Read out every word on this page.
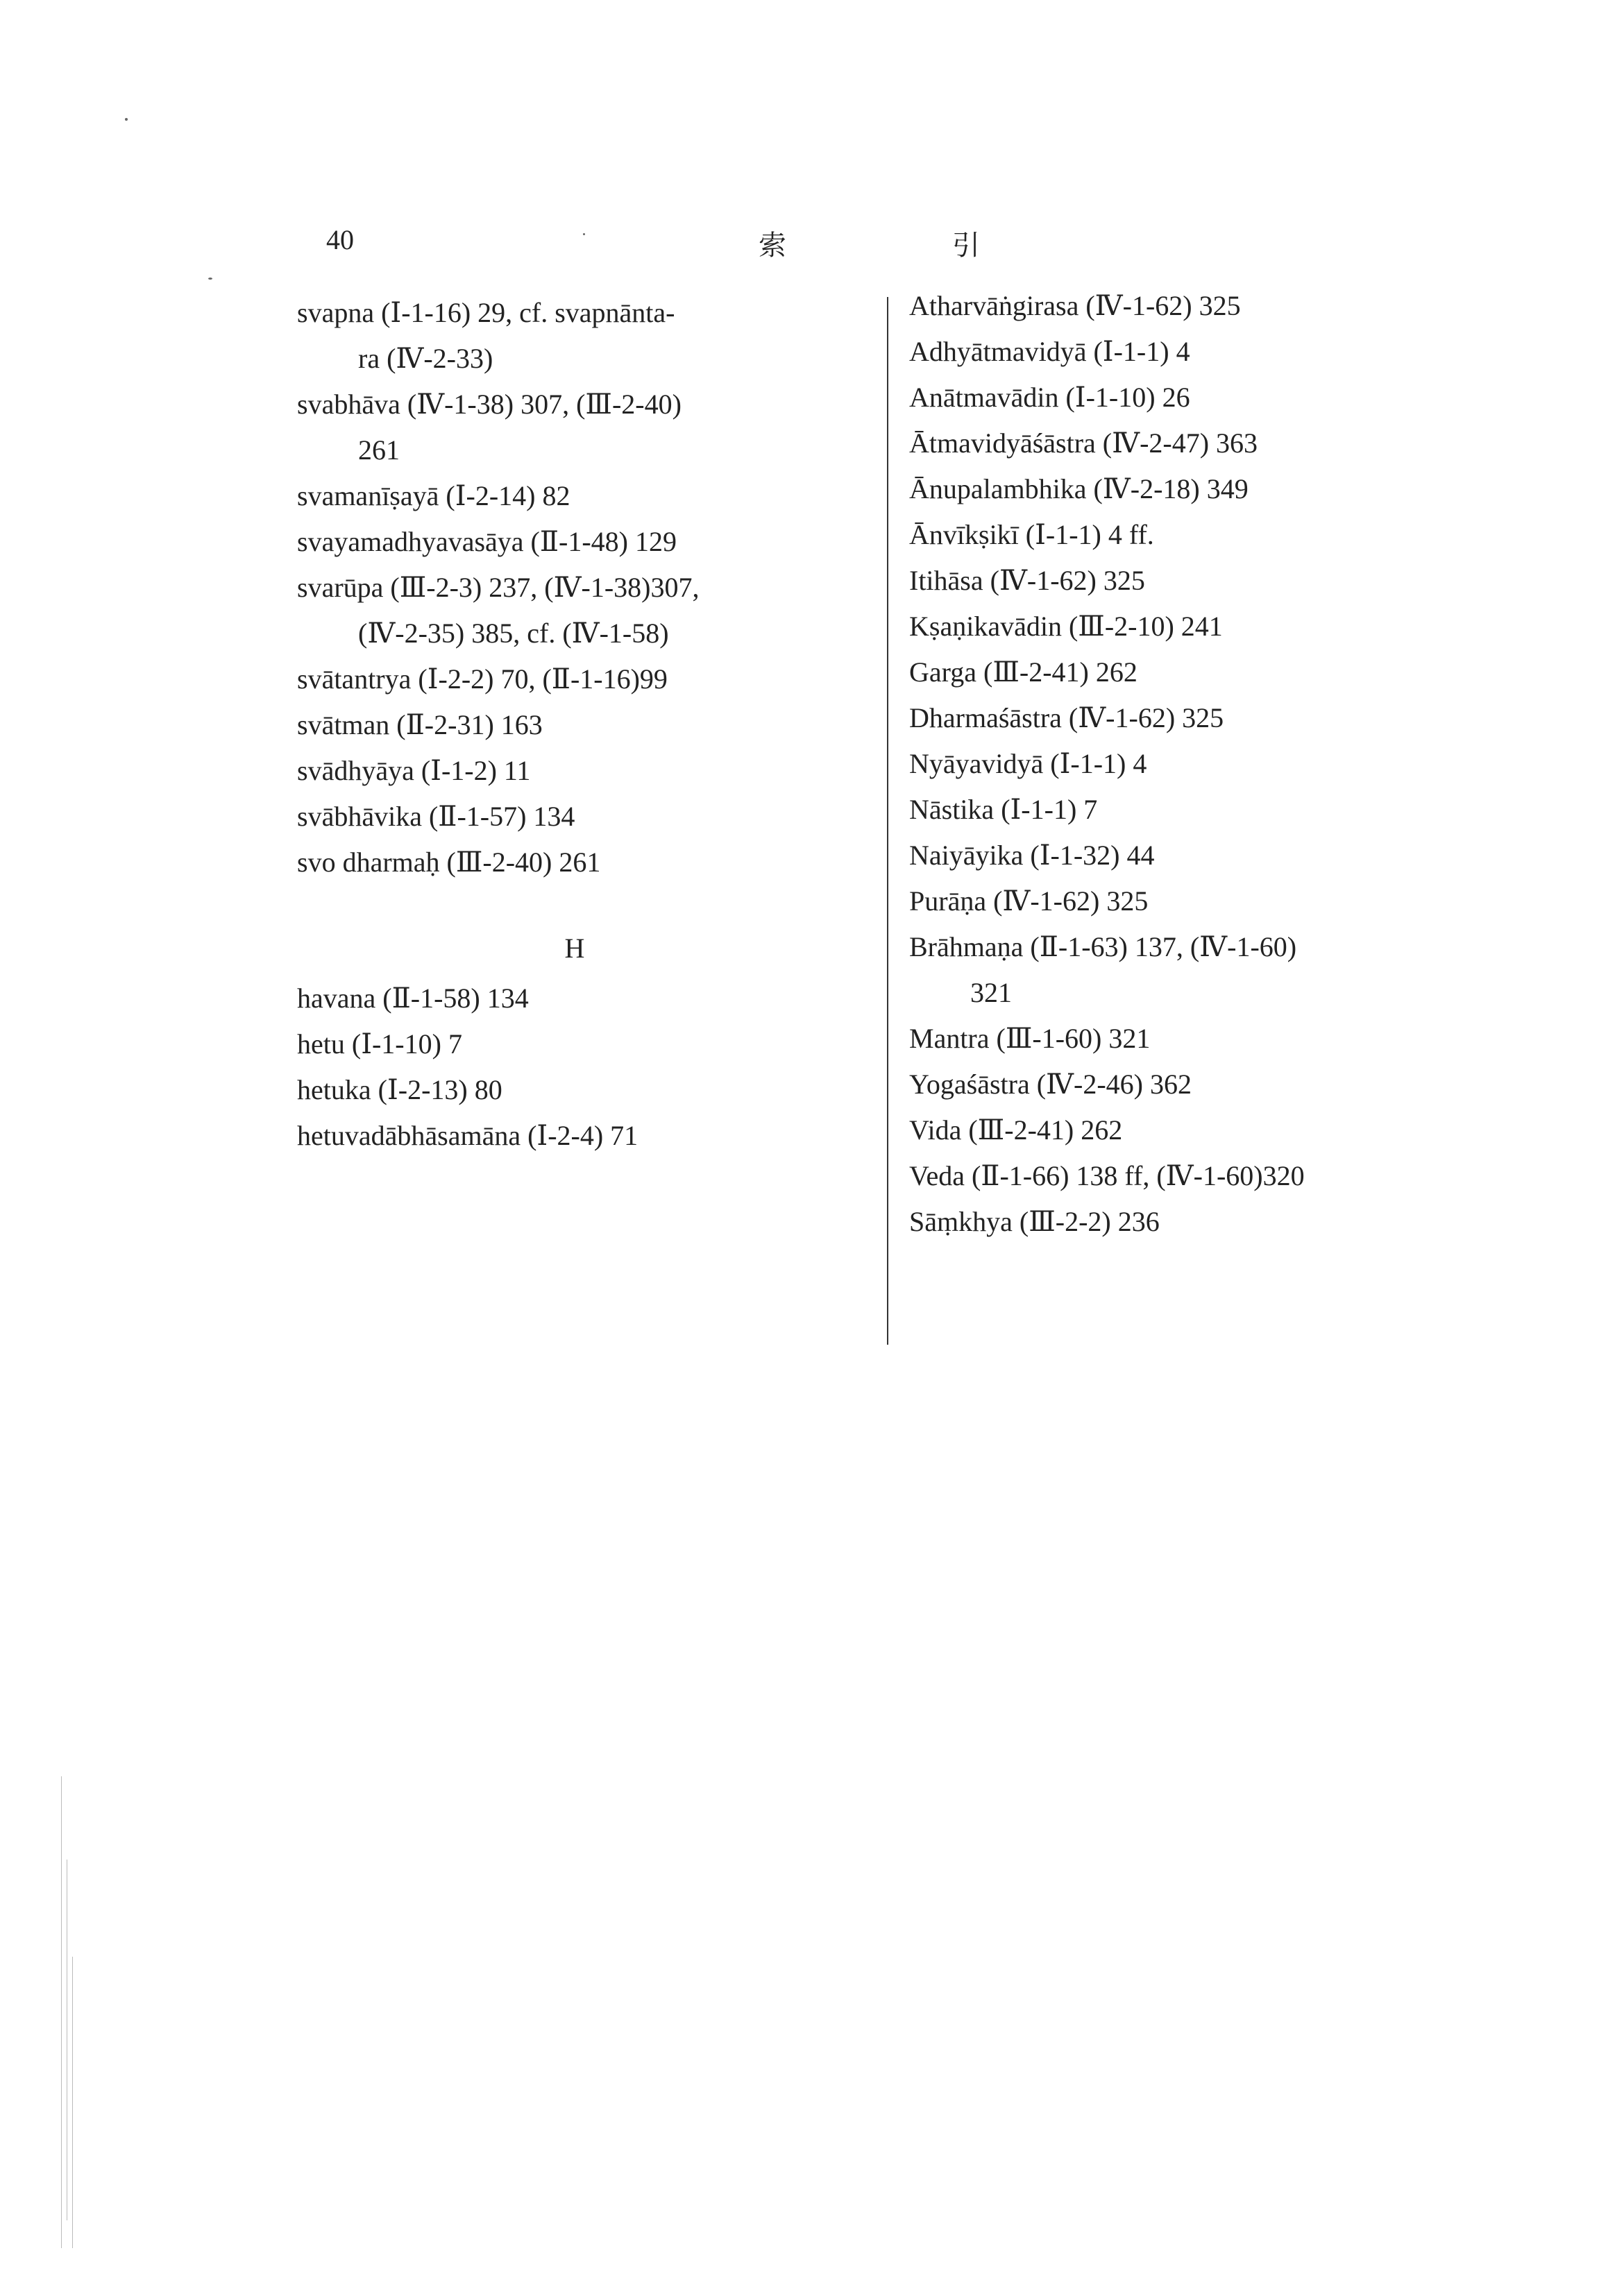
40	索	引
svapna (Ⅰ-1-16) 29, cf. svapnānta-
ra (Ⅳ-2-33)
svabhāva (Ⅳ-1-38) 307, (Ⅲ-2-40)
261
svamanīṣayā (Ⅰ-2-14) 82
svayamadhyavasāya (Ⅱ-1-48) 129
svarūpa (Ⅲ-2-3) 237, (Ⅳ-1-38)307,
(Ⅳ-2-35) 385, cf. (Ⅳ-1-58)
svātantrya (Ⅰ-2-2) 70, (Ⅱ-1-16)99
svātman (Ⅱ-2-31) 163
svādhyāya (Ⅰ-1-2) 11
svābhāvika (Ⅱ-1-57) 134
svo dharmaḥ (Ⅲ-2-40) 261
H
havana (Ⅱ-1-58) 134
hetu (Ⅰ-1-10) 7
hetuka (Ⅰ-2-13) 80
hetuvadābhāsamāna (Ⅰ-2-4) 71
Atharvāṅgirasa (Ⅳ-1-62) 325
Adhyātmavidyā (Ⅰ-1-1) 4
Anātmavādin (Ⅰ-1-10) 26
Ātmavidyāśāstra (Ⅳ-2-47) 363
Ānupalambhika (Ⅳ-2-18) 349
Ānvīkṣikī (Ⅰ-1-1) 4 ff.
Itihāsa (Ⅳ-1-62) 325
Kṣaṇikavādin (Ⅲ-2-10) 241
Garga (Ⅲ-2-41) 262
Dharmaśāstra (Ⅳ-1-62) 325
Nyāyavidyā (Ⅰ-1-1) 4
Nāstika (Ⅰ-1-1) 7
Naiyāyika (Ⅰ-1-32) 44
Purāṇa (Ⅳ-1-62) 325
Brāhmaṇa (Ⅱ-1-63) 137, (Ⅳ-1-60)
321
Mantra (Ⅲ-1-60) 321
Yogaśāstra (Ⅳ-2-46) 362
Vida (Ⅲ-2-41) 262
Veda (Ⅱ-1-66) 138 ff, (Ⅳ-1-60)320
Sāṃkhya (Ⅲ-2-2) 236
